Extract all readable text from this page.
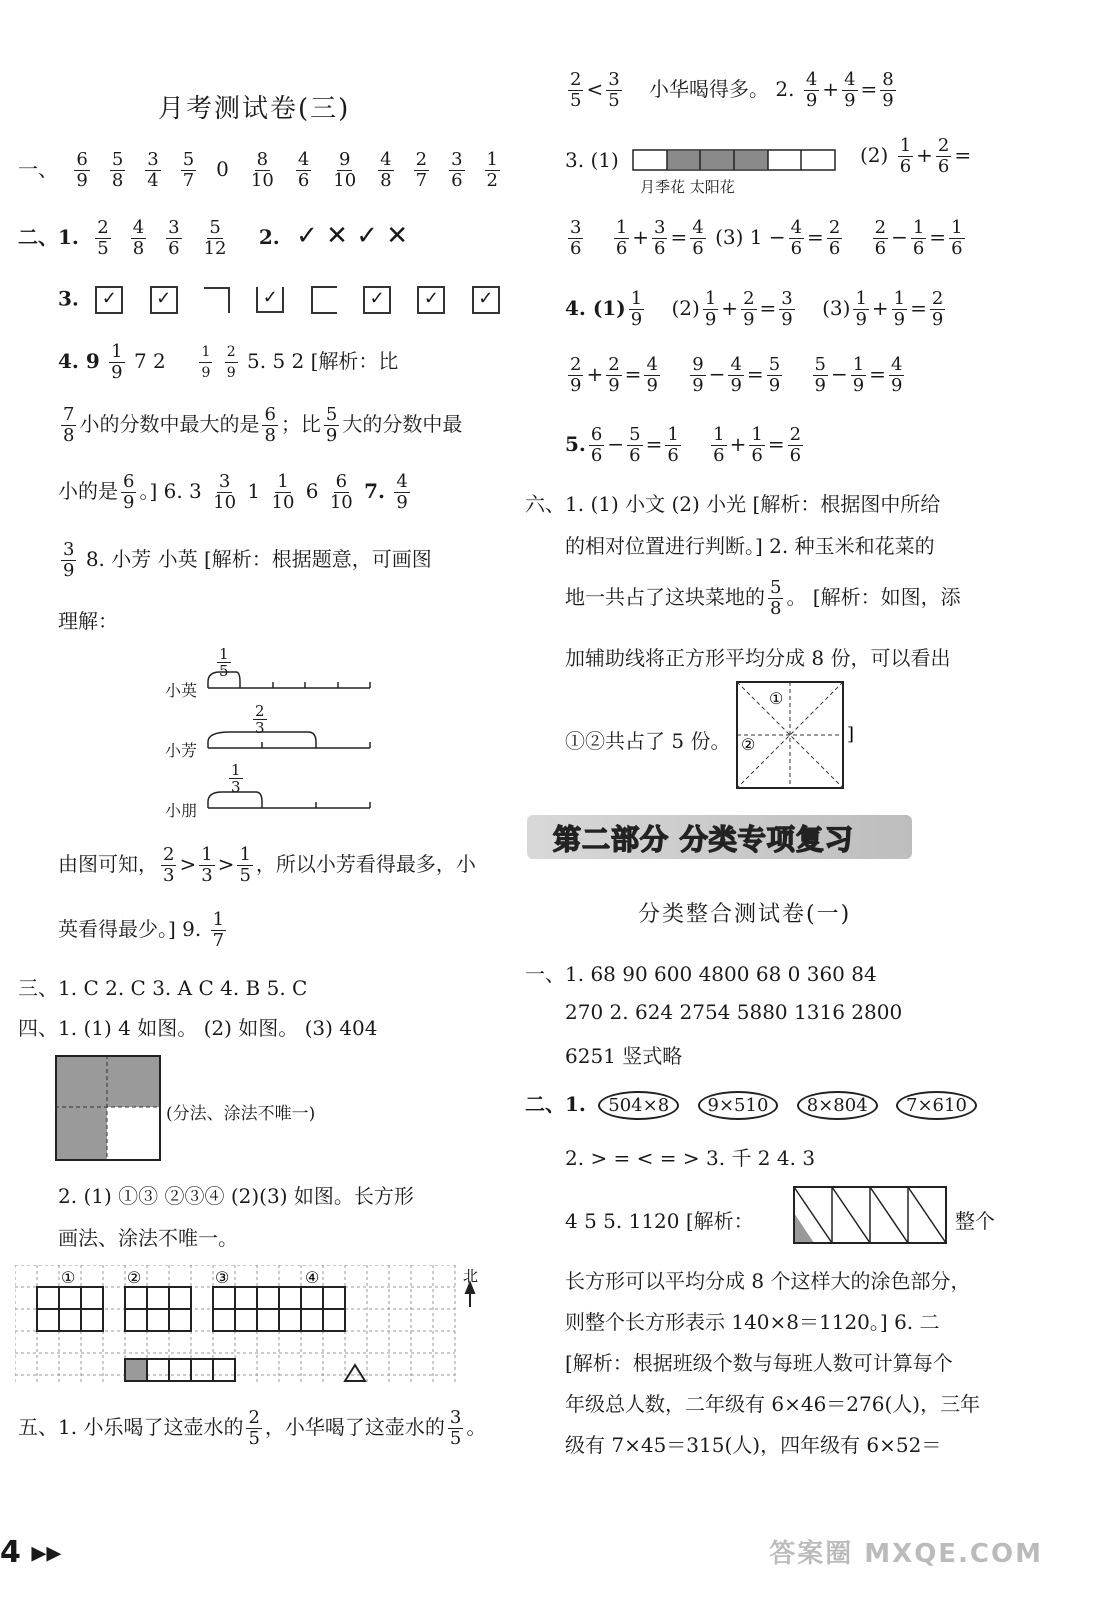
月考测试卷(三)
一、 $\frac{6}{9} \frac{5}{8} \frac{3}{4} \frac{5}{7} 0 \frac{8}{10} \frac{4}{6} \frac{9}{10} \frac{4}{8} \frac{2}{7} \frac{3}{6} \frac{1}{2}$
二、1. $\frac{2}{5} \frac{4}{8} \frac{3}{6} \frac{5}{12} 2$. ✓ ✕ ✓ ✕
3. ✓ ✓	✓	✓ ✓ ✓
4. $9 \frac{1}{9} 7$ $2 \frac{1}{9}$
$\frac{2}{9} 5$. 5 2 [解析：比
$\frac{7}{8}$ 小的分数中最大的是 $\frac{6}{8}$ ；比 $\frac{5}{9}$ 大的分数中最
小的是 $\frac{6}{9}$ 。] 6. $3 \frac{3}{10} 1 \frac{1}{10} 6 \frac{6}{10} 7$. $\frac{4}{9}$
$\frac{3}{9} 8$. 小芳 小英 [解析：根据题意，可画图
理解：
小英
小芳
小朋
$\frac{1}{5}$
$\frac{2}{3}$
$\frac{1}{3}$
由图可知， $\frac{2}{3} > \frac{1}{3} > \frac{1}{5}$ ，所以小芳看得最多，小
英看得最少。] 9. $\frac{1}{7}$
三、1. C 2. C 3. A C 4. B 5. C
四、1. (1) 4 如图。 (2) 如图。 (3) 404
(分法、涂法不唯一)
2. (1) ①③ ②③④ (2)(3) 如图。长方形
画法、涂法不唯一。
①	②	③	④	北
五、1. 小乐喝了这壶水的 $\frac{2}{5}$ ，小华喝了这壶水的 $\frac{3}{5}$ 。
4 ▸▸
$\frac{2}{5} < \frac{3}{5}$ 小华喝得多。 2. $\frac{4}{9} + \frac{4}{9} = \frac{8}{9}$
3. (1)
月季花 太阳花
$(2) \frac{1}{6} + \frac{2}{6}$ =
$\frac{3}{6}$
$\frac{1}{6} + \frac{3}{6} = \frac{4}{6} (3) 1 - \frac{4}{6} = \frac{2}{6}$
$\frac{2}{6} - \frac{1}{6} = \frac{1}{6}$
4. $(1) \frac{1}{9} (2) \frac{1}{9} + \frac{2}{9} = \frac{3}{9} (3) \frac{1}{9} + \frac{1}{9} = \frac{2}{9}$
$\frac{2}{9} + \frac{2}{9} = \frac{4}{9}$
$\frac{9}{9} - \frac{4}{9} = \frac{5}{9}$
$\frac{5}{9} - \frac{1}{9} = \frac{4}{9}$
5. $\frac{6}{6} - \frac{5}{6} = \frac{1}{6}$
$\frac{1}{6} + \frac{1}{6} = \frac{2}{6}$
六、1. (1) 小文 (2) 小光 [解析：根据图中所给
的相对位置进行判断。] 2. 种玉米和花菜的
地一共占了这块菜地的 $\frac{5}{8}$ 。 [解析：如图，添
加辅助线将正方形平均分成 8 份，可以看出
①②共占了 5 份。
①
②	]
第二部分 分类专项复习
分类整合测试卷(一)
一、1. 68 90 600 4800 68 0 360 84
270 2. 624 2754 5880 1316 2800
6251 竖式略
二、1. 504×8 9×510 8×804 7×610
2. > = < = > 3. 千 2 4. 3
4 5 5. 1120 [解析：	整个
长方形可以平均分成 8 个这样大的涂色部分，
则整个长方形表示 140×8＝1120。] 6. 二
[解析：根据班级个数与每班人数可计算每个
年级总人数，二年级有 6×46＝276(人)，三年
级有 7×45＝315(人)，四年级有 6×52＝
答案圈 MXQE.COM
